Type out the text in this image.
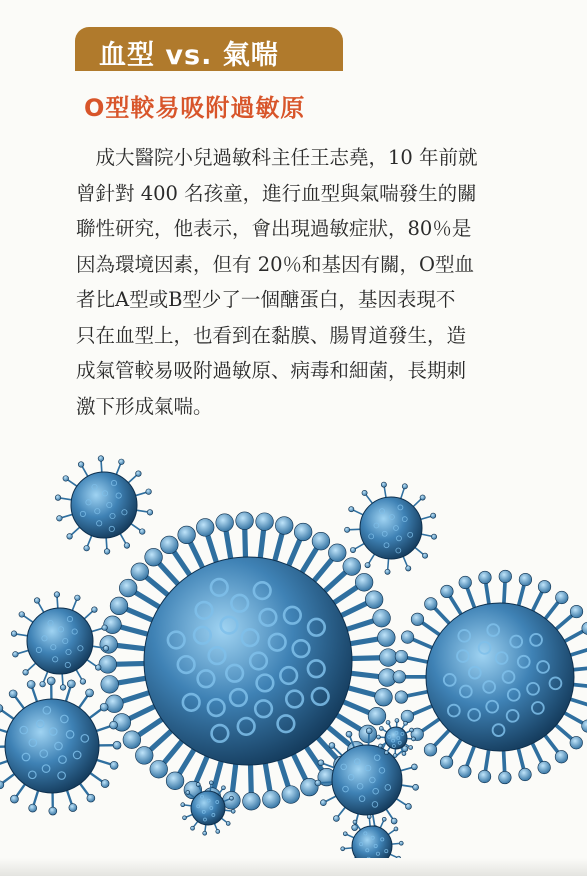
血型 vs. 氣喘
O型較易吸附過敏原
　成大醫院小兒過敏科主任王志堯，10 年前就
曾針對 400 名孩童，進行血型與氣喘發生的關
聯性研究，他表示，會出現過敏症狀，80％是
因為環境因素，但有 20％和基因有關，O型血
者比A型或B型少了一個醣蛋白，基因表現不
只在血型上，也看到在黏膜、腸胃道發生，造
成氣管較易吸附過敏原、病毒和細菌，長期刺
激下形成氣喘。
